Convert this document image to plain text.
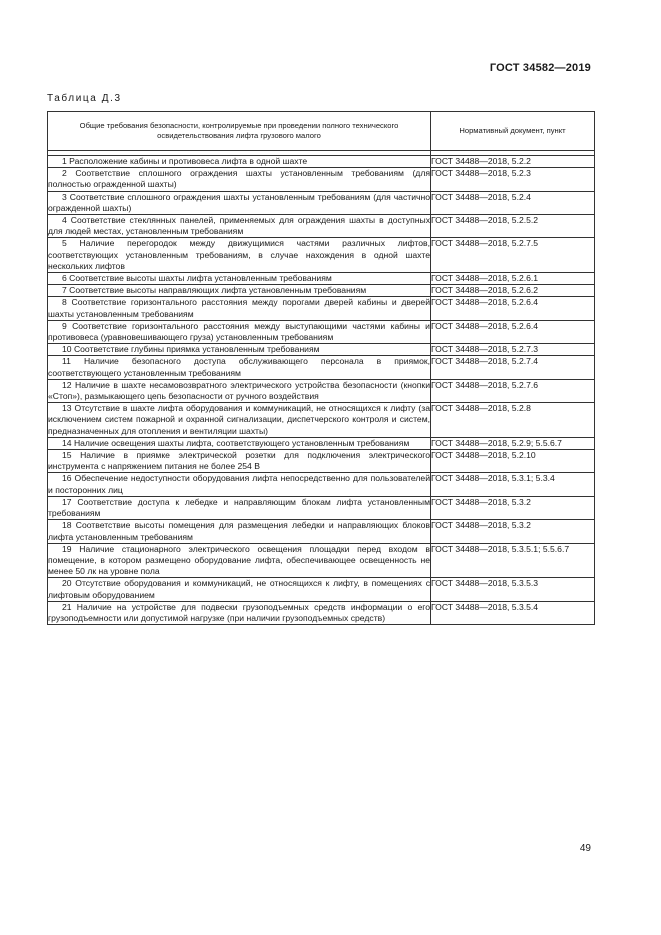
ГОСТ 34582—2019
Таблица Д.3
Общие требования безопасности, контролируемые при проведении полного технического освидетельствования лифта грузового малого	Нормативный документ, пункт

1 Расположение кабины и противовеса лифта в одной шахте	ГОСТ 34488—2018, 5.2.2
2 Соответствие сплошного ограждения шахты установленным требованиям (для полностью огражденной шахты)	ГОСТ 34488—2018, 5.2.3
3 Соответствие сплошного ограждения шахты установленным требованиям (для частично огражденной шахты)	ГОСТ 34488—2018, 5.2.4
4 Соответствие стеклянных панелей, применяемых для ограждения шахты в доступных для людей местах, установленным требованиям	ГОСТ 34488—2018, 5.2.5.2
5 Наличие перегородок между движущимися частями различных лифтов, соответствующих установленным требованиям, в случае нахождения в одной шахте нескольких лифтов	ГОСТ 34488—2018, 5.2.7.5
6 Соответствие высоты шахты лифта установленным требованиям	ГОСТ 34488—2018, 5.2.6.1
7 Соответствие высоты направляющих лифта установленным требованиям	ГОСТ 34488—2018, 5.2.6.2
8 Соответствие горизонтального расстояния между порогами дверей кабины и дверей шахты установленным требованиям	ГОСТ 34488—2018, 5.2.6.4
9 Соответствие горизонтального расстояния между выступающими частями кабины и противовеса (уравновешивающего груза) установленным требованиям	ГОСТ 34488—2018, 5.2.6.4
10 Соответствие глубины приямка установленным требованиям	ГОСТ 34488—2018, 5.2.7.3
11 Наличие безопасного доступа обслуживающего персонала в приямок, соответствующего установленным требованиям	ГОСТ 34488—2018, 5.2.7.4
12 Наличие в шахте несамовозвратного электрического устройства безопасности (кнопки «Стоп»), размыкающего цепь безопасности от ручного воздействия	ГОСТ 34488—2018, 5.2.7.6
13 Отсутствие в шахте лифта оборудования и коммуникаций, не относящихся к лифту (за исключением систем пожарной и охранной сигнализации, диспетчерского контроля и систем, предназначенных для отопления и вентиляции шахты)	ГОСТ 34488—2018, 5.2.8
14 Наличие освещения шахты лифта, соответствующего установленным требованиям	ГОСТ 34488—2018, 5.2.9; 5.5.6.7
15 Наличие в приямке электрической розетки для подключения электрического инструмента с напряжением питания не более 254 В	ГОСТ 34488—2018, 5.2.10
16 Обеспечение недоступности оборудования лифта непосредственно для пользователей и посторонних лиц	ГОСТ 34488—2018, 5.3.1; 5.3.4
17 Соответствие доступа к лебедке и направляющим блокам лифта установленным требованиям	ГОСТ 34488—2018, 5.3.2
18 Соответствие высоты помещения для размещения лебедки и направляющих блоков лифта установленным требованиям	ГОСТ 34488—2018, 5.3.2
19 Наличие стационарного электрического освещения площадки перед входом в помещение, в котором размещено оборудование лифта, обеспечивающее освещенность не менее 50 лк на уровне пола	ГОСТ 34488—2018, 5.3.5.1; 5.5.6.7
20 Отсутствие оборудования и коммуникаций, не относящихся к лифту, в помещениях с лифтовым оборудованием	ГОСТ 34488—2018, 5.3.5.3
21 Наличие на устройстве для подвески грузоподъемных средств информации о его грузоподъемности или допустимой нагрузке (при наличии грузоподъемных средств)	ГОСТ 34488—2018, 5.3.5.4
49
